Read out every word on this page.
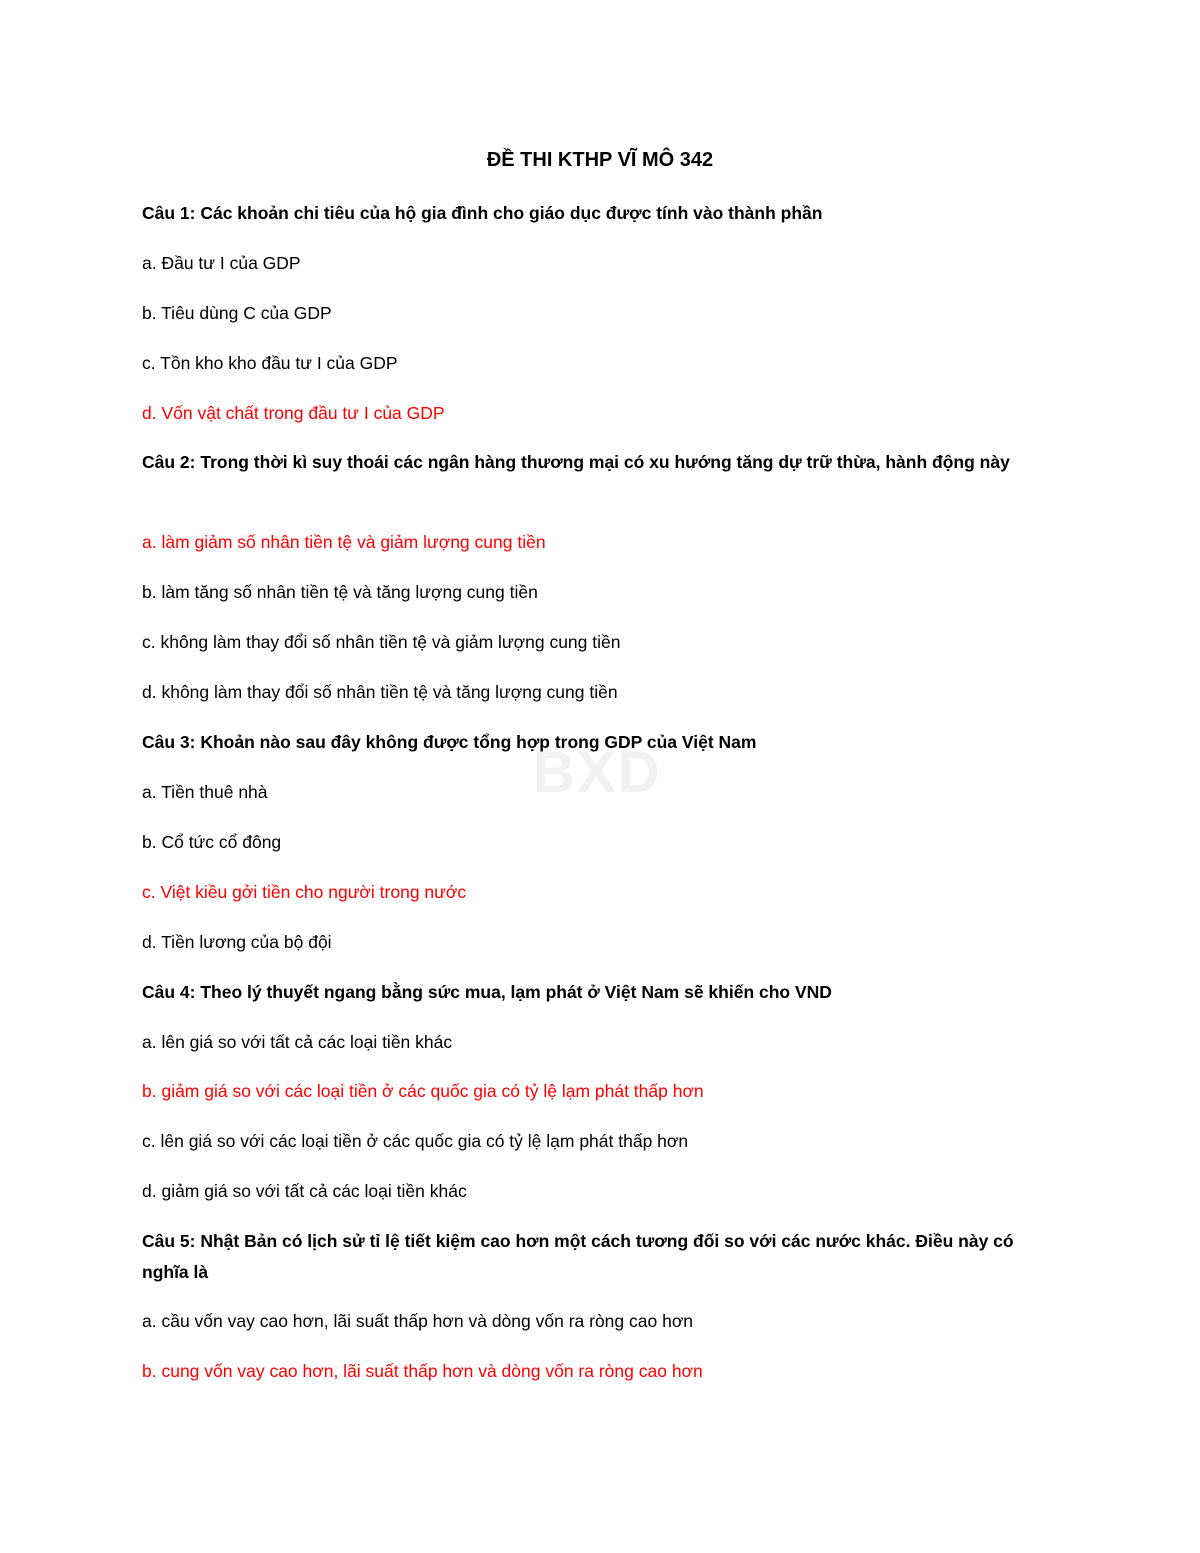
BXD
ĐỀ THI KTHP VĨ MÔ 342
Câu 1: Các khoản chi tiêu của hộ gia đình cho giáo dục được tính vào thành phần
a. Đầu tư I của GDP
b. Tiêu dùng C của GDP
c. Tồn kho kho đầu tư I của GDP
d. Vốn vật chất trong đầu tư I của GDP
Câu 2: Trong thời kì suy thoái các ngân hàng thương mại có xu hướng tăng dự trữ thừa, hành động này
a. làm giảm số nhân tiền tệ và giảm lượng cung tiền
b. làm tăng số nhân tiền tệ và tăng lượng cung tiền
c. không làm thay đổi số nhân tiền tệ và giảm lượng cung tiền
d. không làm thay đổi số nhân tiền tệ và tăng lượng cung tiền
Câu 3: Khoản nào sau đây không được tổng hợp trong GDP của Việt Nam
a. Tiền thuê nhà
b. Cổ tức cổ đông
c. Việt kiều gởi tiền cho người trong nước
d. Tiền lương của bộ đội
Câu 4: Theo lý thuyết ngang bằng sức mua, lạm phát ở Việt Nam sẽ khiến cho VND
a. lên giá so với tất cả các loại tiền khác
b. giảm giá so với các loại tiền ở các quốc gia có tỷ lệ lạm phát thấp hơn
c. lên giá so với các loại tiền ở các quốc gia có tỷ lệ lạm phát thấp hơn
d. giảm giá so với tất cả các loại tiền khác
Câu 5: Nhật Bản có lịch sử tỉ lệ tiết kiệm cao hơn một cách tương đối so với các nước khác. Điều này có nghĩa là
a. cầu vốn vay cao hơn, lãi suất thấp hơn và dòng vốn ra ròng cao hơn
b. cung vốn vay cao hơn, lãi suất thấp hơn và dòng vốn ra ròng cao hơn
